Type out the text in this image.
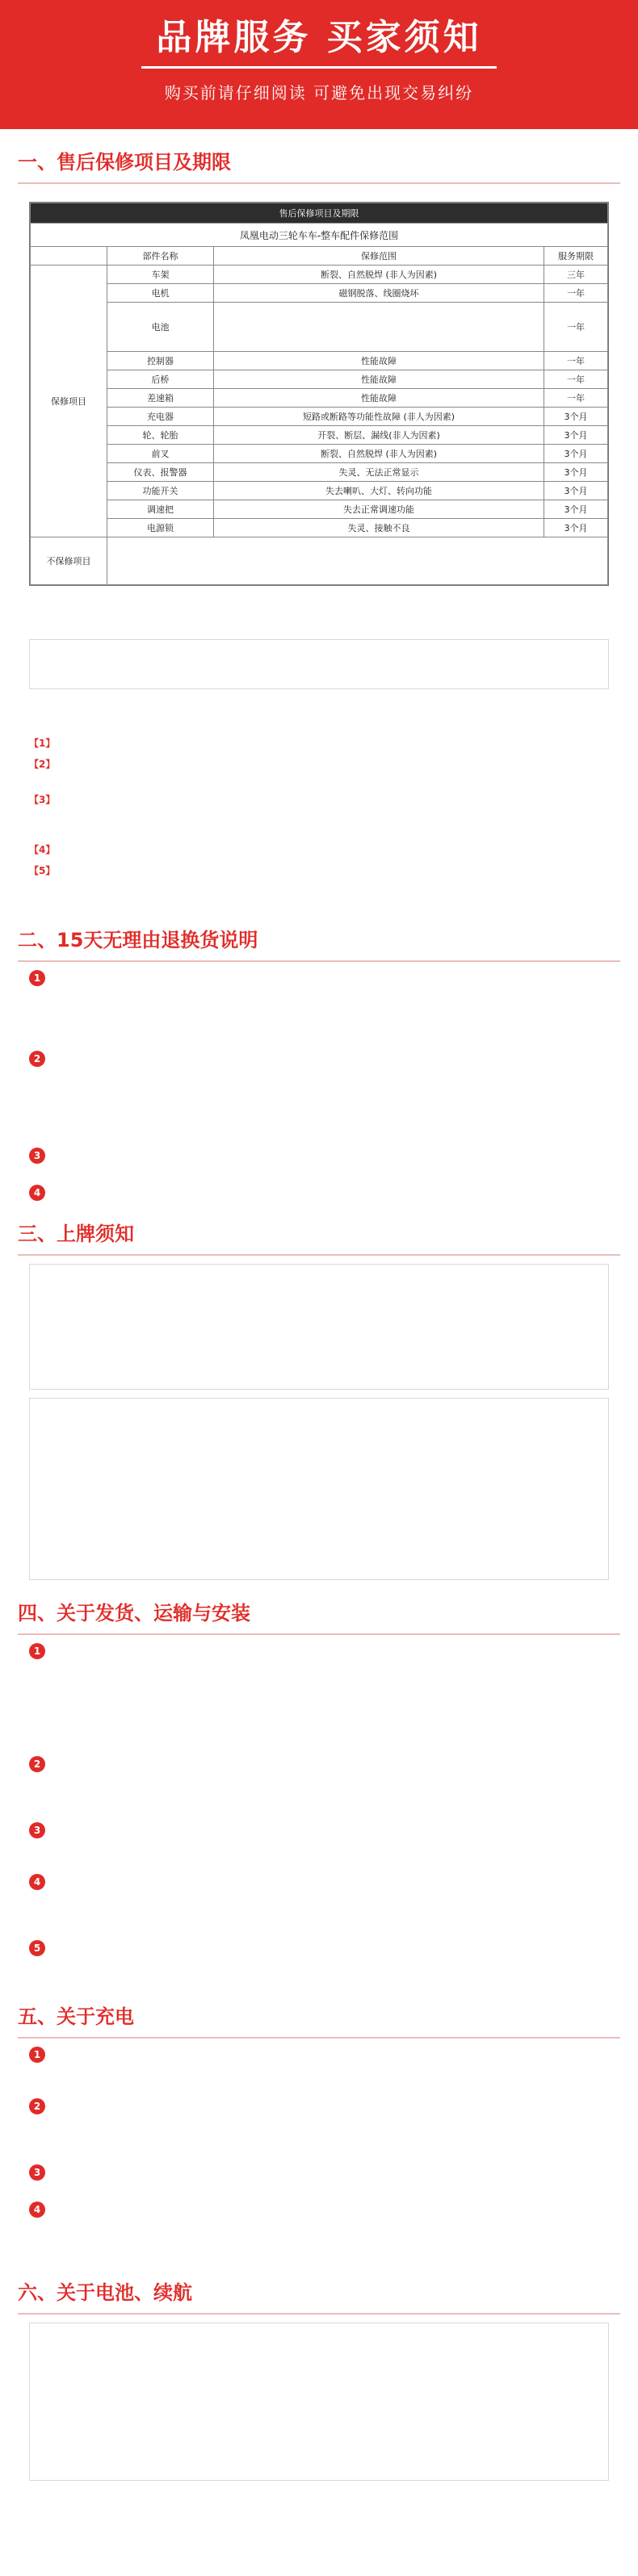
品牌服务 买家须知
购买前请仔细阅读 可避免出现交易纠纷
一、售后保修项目及期限
售后保修项目及期限			
凤凰电动三轮车车-整车配件保修范围			
	部件名称	保修范围	服务期限
保修项目	车架	断裂、自然脱焊 (非人为因素)	三年
	电机	磁钢脱落、线圈烧坏	一年
	电池		一年
	控制器	性能故障	一年
	后桥	性能故障	一年
	差速箱	性能故障	一年
	充电器	短路或断路等功能性故障 (非人为因素)	3个月
	轮、轮胎	开裂、断层、漏线(非人为因素)	3个月
	前叉	断裂、自然脱焊 (非人为因素)	3个月
	仪表、报警器	失灵、无法正常显示	3个月
	功能开关	失去喇叭、大灯、转向功能	3个月
	调速把	失去正常调速功能	3个月
	电源锁	失灵、接触不良	3个月
不保修项目			
【1】
【2】
【3】
【4】
【5】
二、15天无理由退换货说明
1
2
3
4
三、上牌须知
四、关于发货、运输与安装
1
2
3
4
5
五、关于充电
1
2
3
4
六、关于电池、续航
